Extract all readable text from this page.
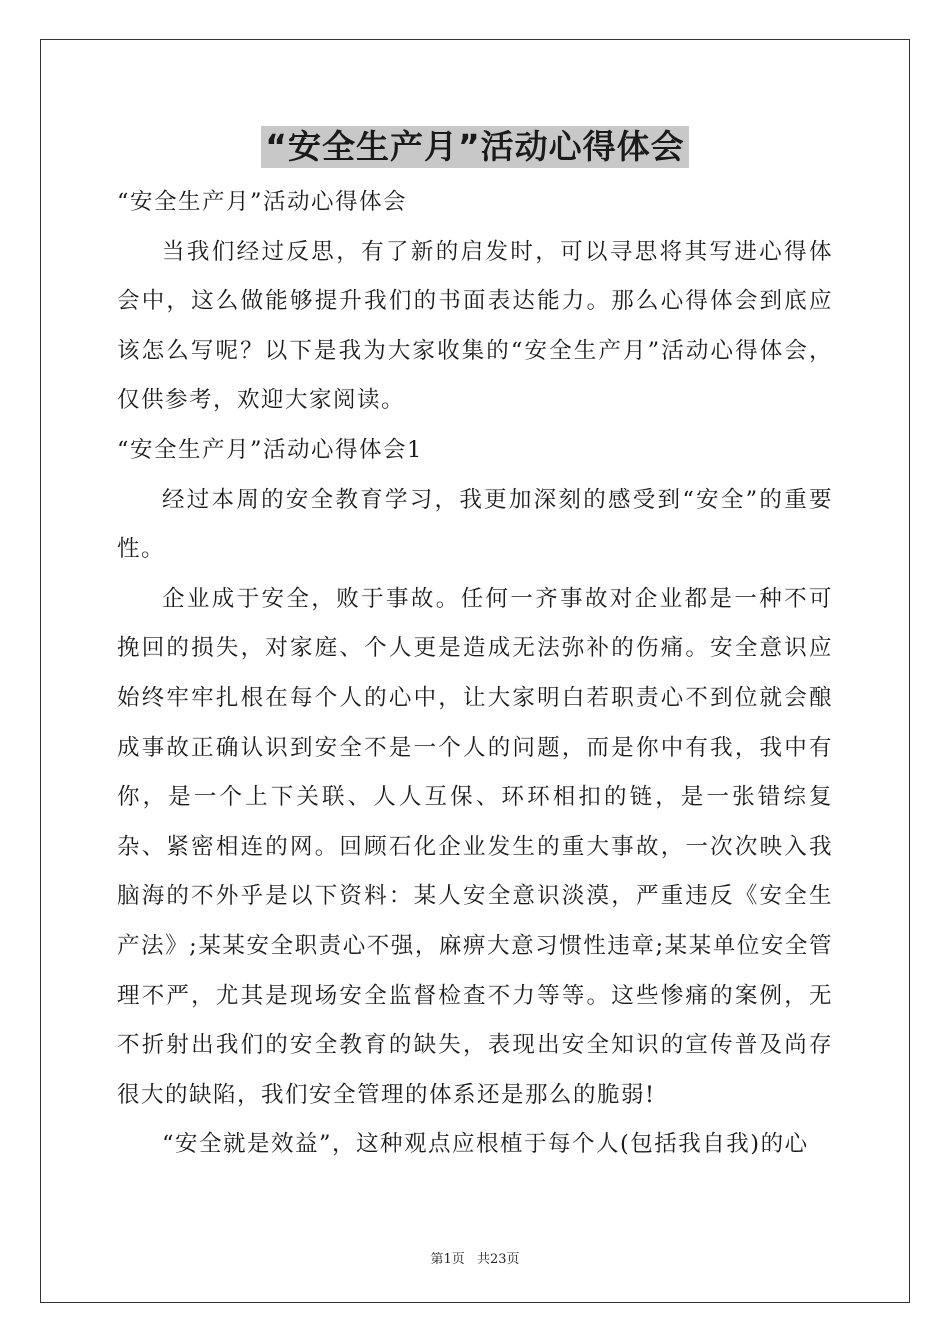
“安全生产月”活动心得体会

“安全生产月”活动心得体会

当我们经过反思，有了新的启发时，可以寻思将其写进心得体会中，这么做能够提升我们的书面表达能力。那么心得体会到底应该怎么写呢？以下是我为大家收集的“安全生产月”活动心得体会，仅供参考，欢迎大家阅读。

“安全生产月”活动心得体会1

经过本周的安全教育学习，我更加深刻的感受到“安全”的重要性。

企业成于安全，败于事故。任何一齐事故对企业都是一种不可挽回的损失，对家庭、个人更是造成无法弥补的伤痛。安全意识应始终牢牢扎根在每个人的心中，让大家明白若职责心不到位就会酿成事故正确认识到安全不是一个人的问题，而是你中有我，我中有你，是一个上下关联、人人互保、环环相扣的链，是一张错综复杂、紧密相连的网。回顾石化企业发生的重大事故，一次次映入我脑海的不外乎是以下资料：某人安全意识淡漠，严重违反《安全生产法》;某某安全职责心不强，麻痹大意习惯性违章;某某单位安全管理不严，尤其是现场安全监督检查不力等等。这些惨痛的案例，无不折射出我们的安全教育的缺失，表现出安全知识的宣传普及尚存很大的缺陷，我们安全管理的体系还是那么的脆弱!

“安全就是效益”，这种观点应根植于每个人(包括我自我)的心

第1页 共23页
